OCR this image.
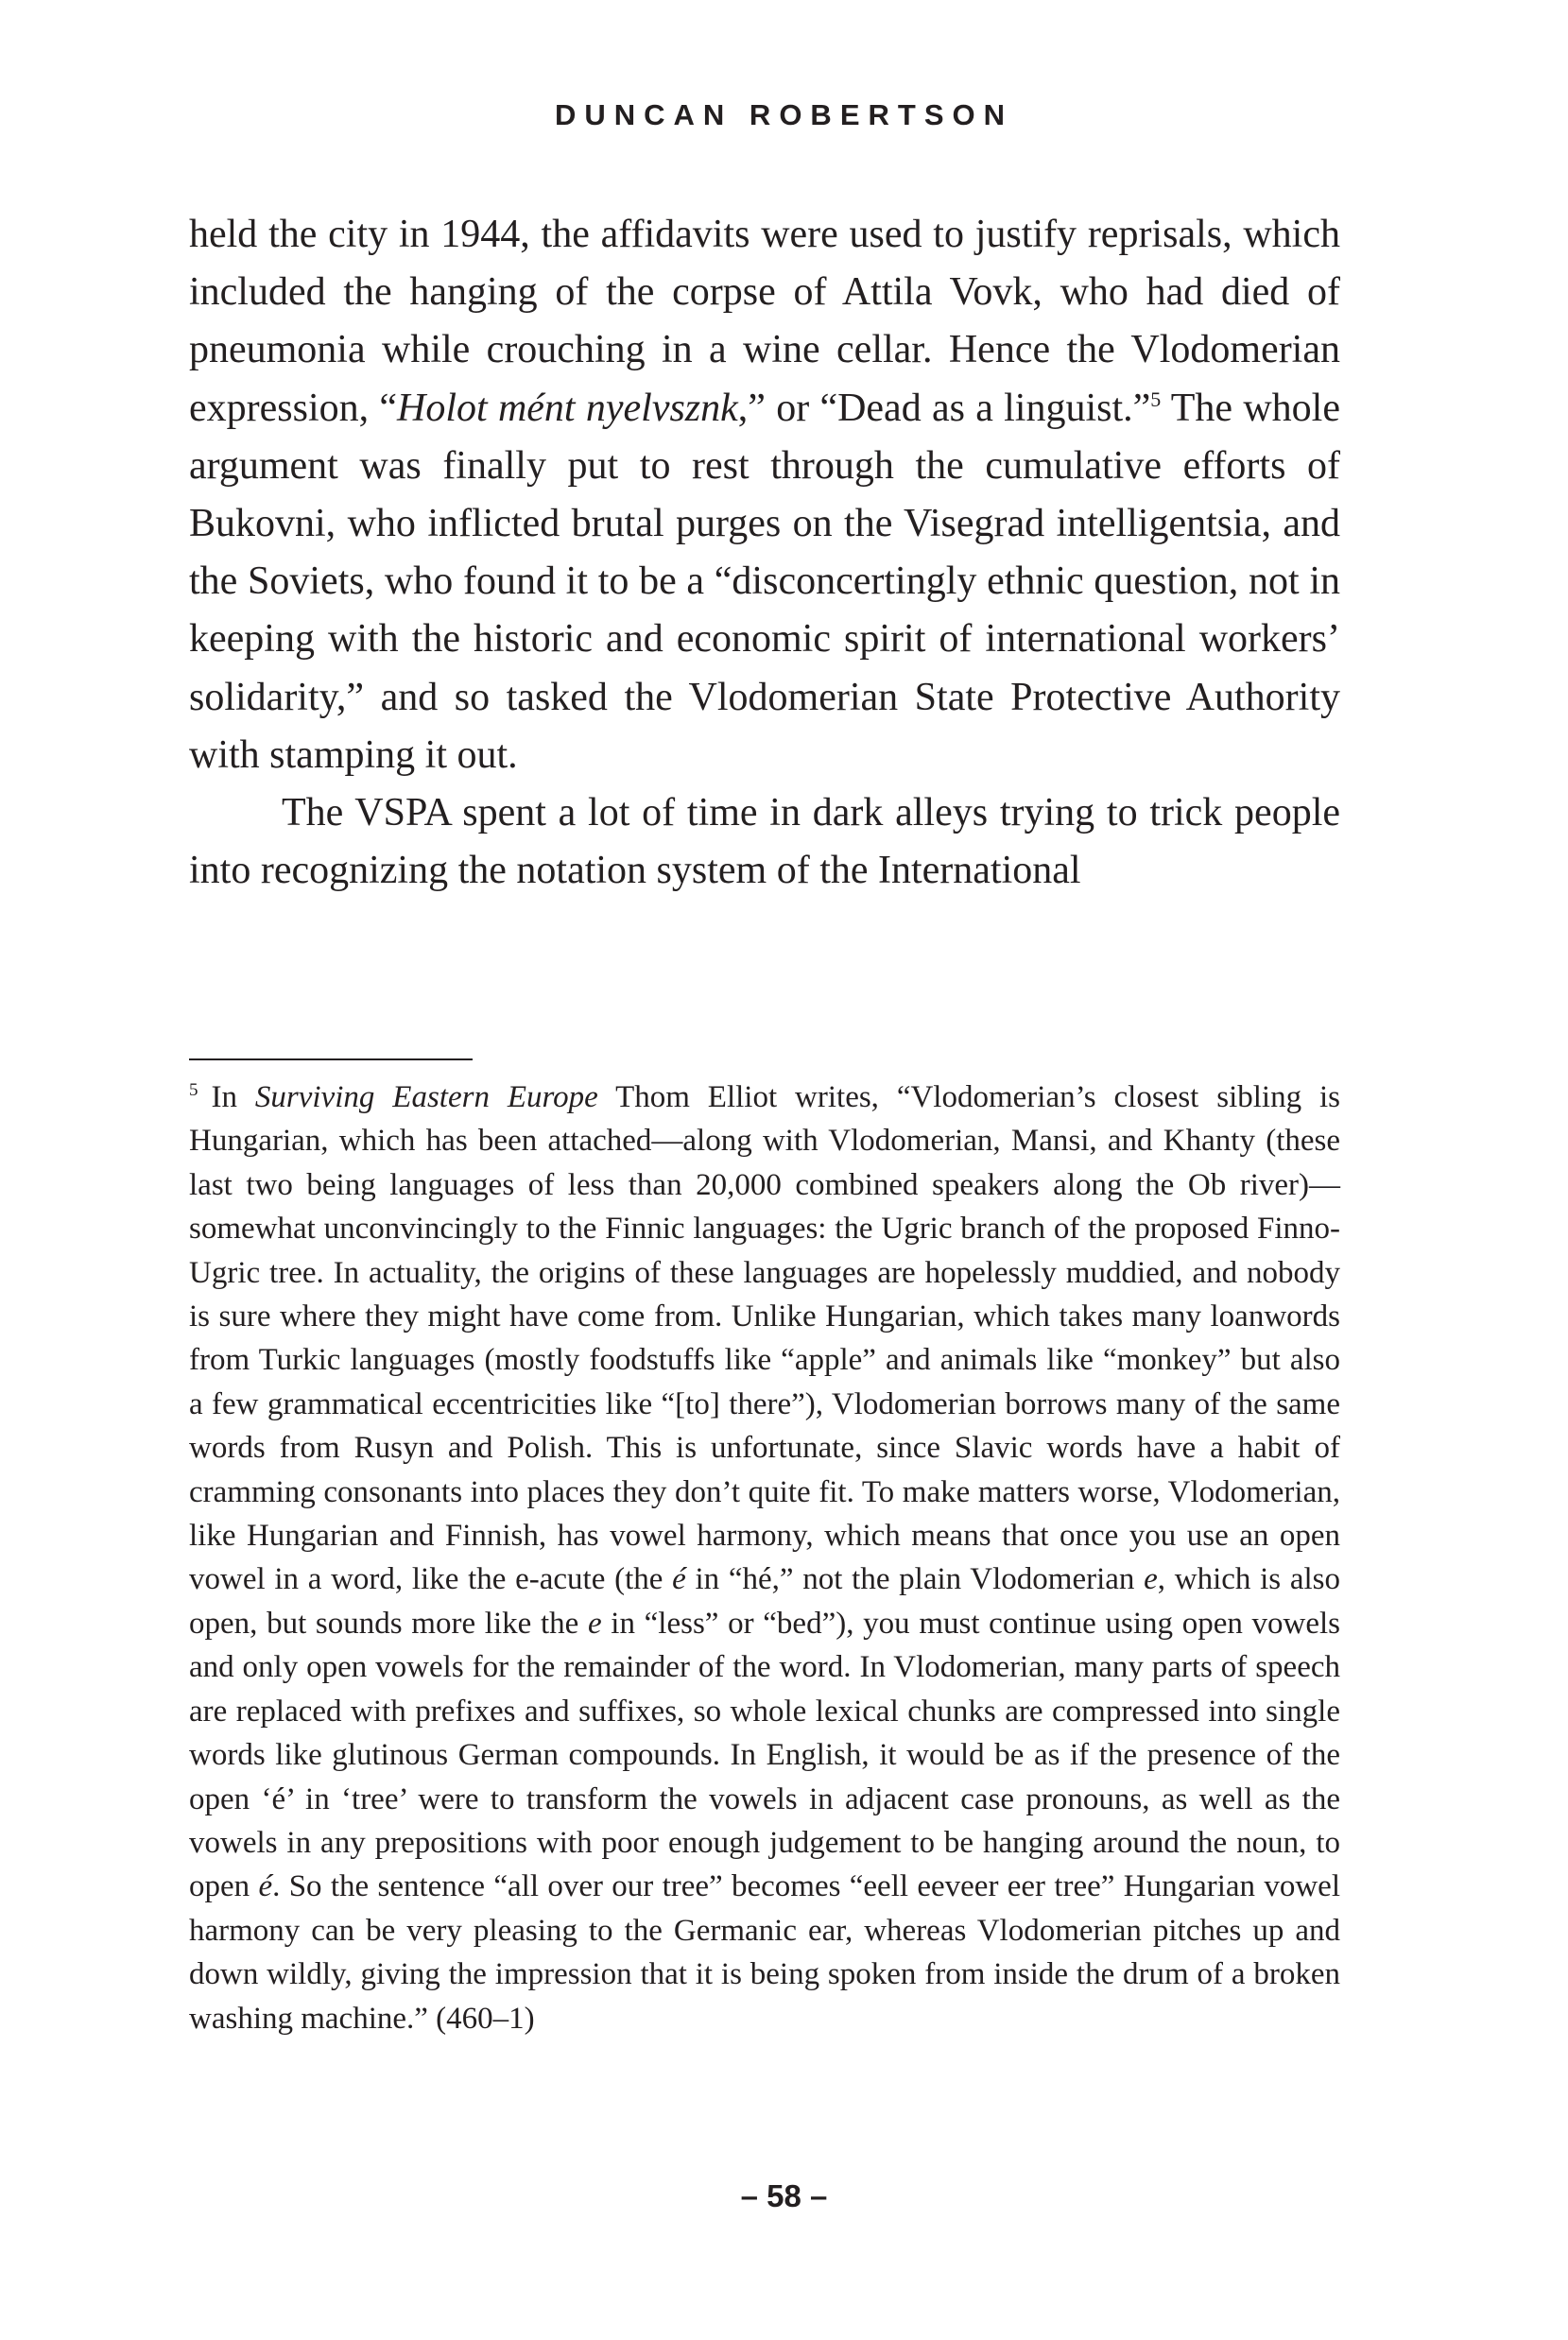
DUNCAN ROBERTSON

held the city in 1944, the affidavits were used to justify reprisals, which included the hanging of the corpse of Attila Vovk, who had died of pneumonia while crouching in a wine cellar. Hence the Vlodomerian expression, “Holot mént nyelvsznk,” or “Dead as a linguist.”$^5$ The whole argument was finally put to rest through the cumulative efforts of Bukovni, who inflicted brutal purges on the Visegrad intelligentsia, and the Soviets, who found it to be a “disconcertingly ethnic question, not in keeping with the historic and economic spirit of international workers’ solidarity,” and so tasked the Vlodomerian State Protective Authority with stamping it out.

The VSPA spent a lot of time in dark alleys trying to trick people into recognizing the notation system of the International

$^5$ In Surviving Eastern Europe Thom Elliot writes, “Vlodomerian’s closest sibling is Hungarian, which has been attached—along with Vlodomerian, Mansi, and Khanty (these last two being languages of less than 20,000 combined speakers along the Ob river)—somewhat unconvincingly to the Finnic languages: the Ugric branch of the proposed Finno-Ugric tree. In actuality, the origins of these languages are hopelessly muddied, and nobody is sure where they might have come from. Unlike Hungarian, which takes many loanwords from Turkic languages (mostly foodstuffs like “apple” and animals like “monkey” but also a few grammatical eccentricities like “[to] there”), Vlodomerian borrows many of the same words from Rusyn and Polish. This is unfortunate, since Slavic words have a habit of cramming consonants into places they don’t quite fit. To make matters worse, Vlodomerian, like Hungarian and Finnish, has vowel harmony, which means that once you use an open vowel in a word, like the e-acute (the é in “hé,” not the plain Vlodomerian e, which is also open, but sounds more like the e in “less” or “bed”), you must continue using open vowels and only open vowels for the remainder of the word. In Vlodomerian, many parts of speech are replaced with prefixes and suffixes, so whole lexical chunks are compressed into single words like glutinous German compounds. In English, it would be as if the presence of the open ‘é’ in ‘tree’ were to transform the vowels in adjacent case pronouns, as well as the vowels in any prepositions with poor enough judgement to be hanging around the noun, to open é. So the sentence “all over our tree” becomes “eell eeveer eer tree” Hungarian vowel harmony can be very pleasing to the Germanic ear, whereas Vlodomerian pitches up and down wildly, giving the impression that it is being spoken from inside the drum of a broken washing machine.” (460–1)
– 58 –
